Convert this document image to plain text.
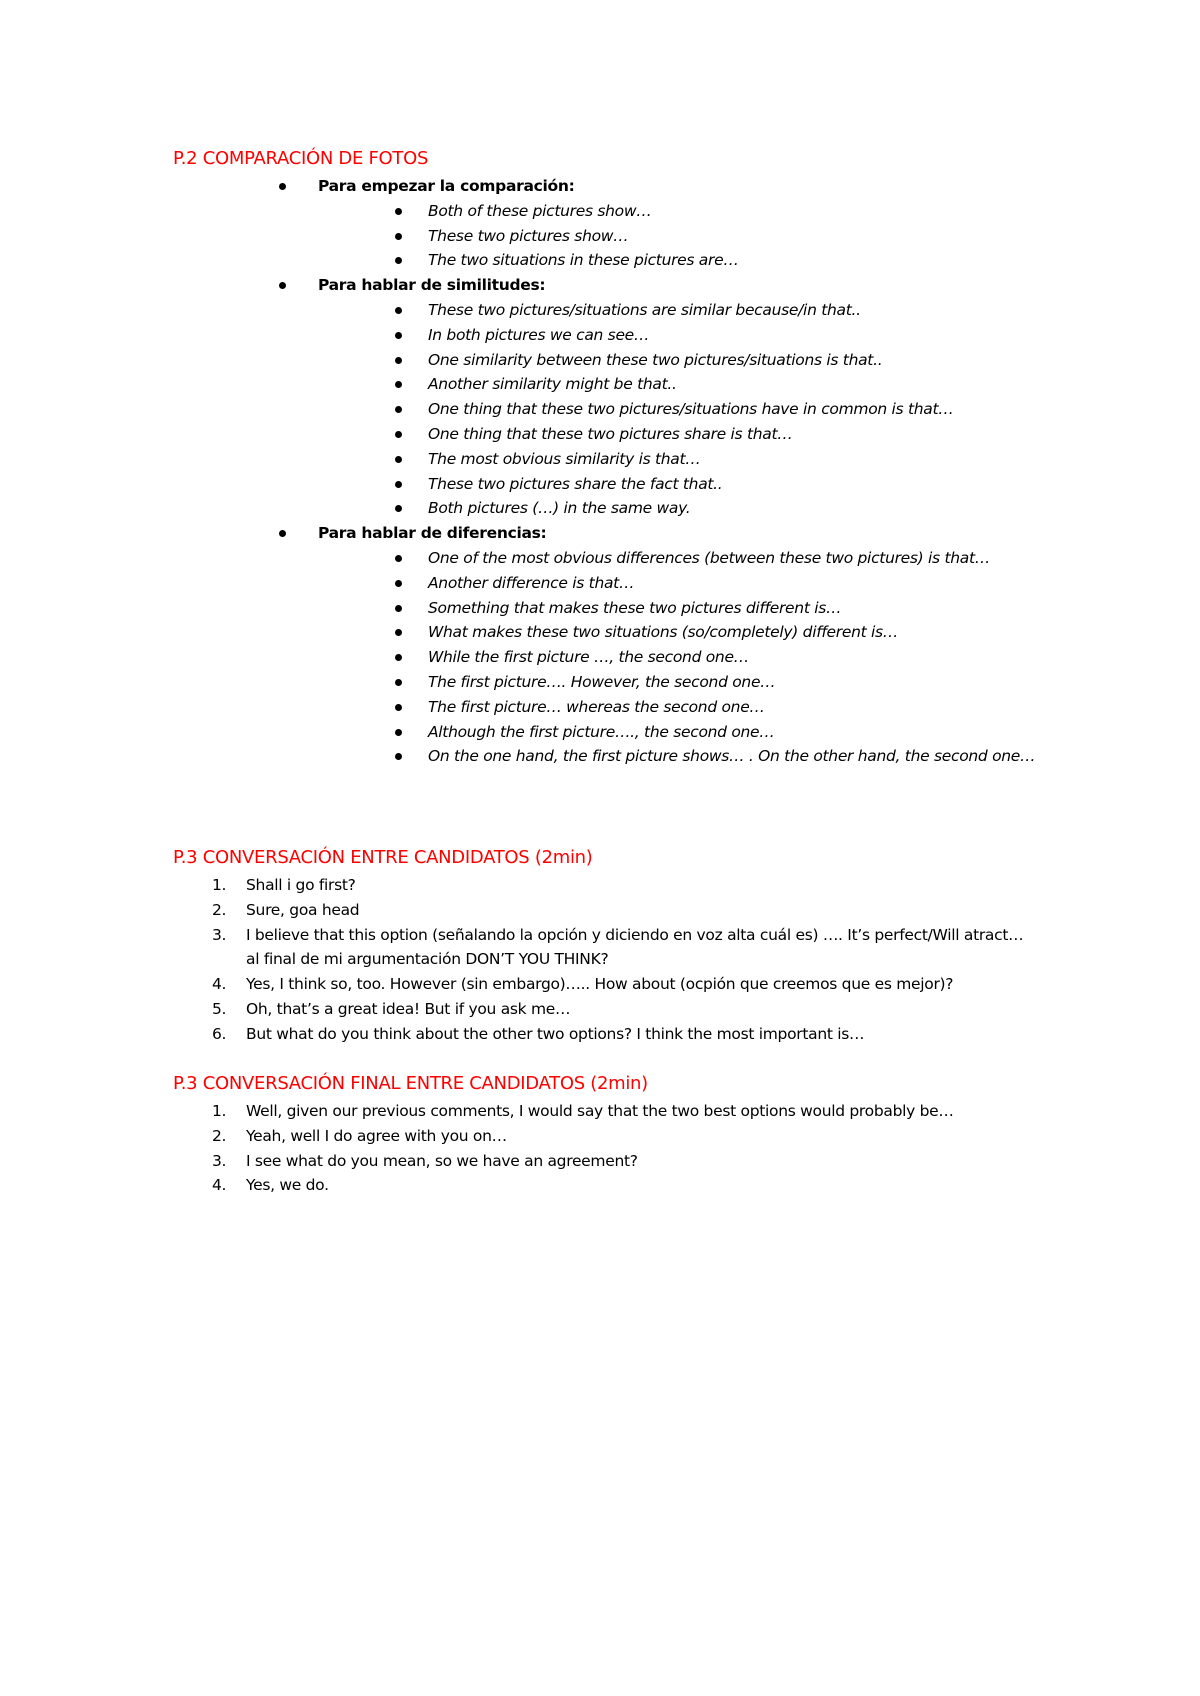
P.2 COMPARACIÓN DE FOTOS
Para empezar la comparación:
Both of these pictures show…
These two pictures show…
The two situations in these pictures are…
Para hablar de similitudes:
These two pictures/situations are similar because/in that..
In both pictures we can see…
One similarity between these two pictures/situations is that..
Another similarity might be that..
One thing that these two pictures/situations have in common is that…
One thing that these two pictures share is that…
The most obvious similarity is that…
These two pictures share the fact that..
Both pictures (…) in the same way.
Para hablar de diferencias:
One of the most obvious differences (between these two pictures) is that…
Another difference is that…
Something that makes these two pictures different is…
What makes these two situations (so/completely) different is…
While the first picture …, the second one…
The first picture…. However, the second one…
The first picture… whereas the second one…
Although the first picture…., the second one…
On the one hand, the first picture shows… . On the other hand, the second one…
P.3 CONVERSACIÓN ENTRE CANDIDATOS (2min)
1. Shall i go first?
2. Sure, goa head
3. I believe that this option (señalando la opción y diciendo en voz alta cuál es) …. It’s perfect/Will atract… al final de mi argumentación DON’T YOU THINK?
4. Yes, I think so, too. However (sin embargo)….. How about (ocpión que creemos que es mejor)?
5. Oh, that’s a great idea! But if you ask me…
6. But what do you think about the other two options? I think the most important is…
P.3 CONVERSACIÓN FINAL ENTRE CANDIDATOS (2min)
1. Well, given our previous comments, I would say that the two best options would probably be…
2. Yeah, well I do agree with you on…
3. I see what do you mean, so we have an agreement?
4. Yes, we do.
